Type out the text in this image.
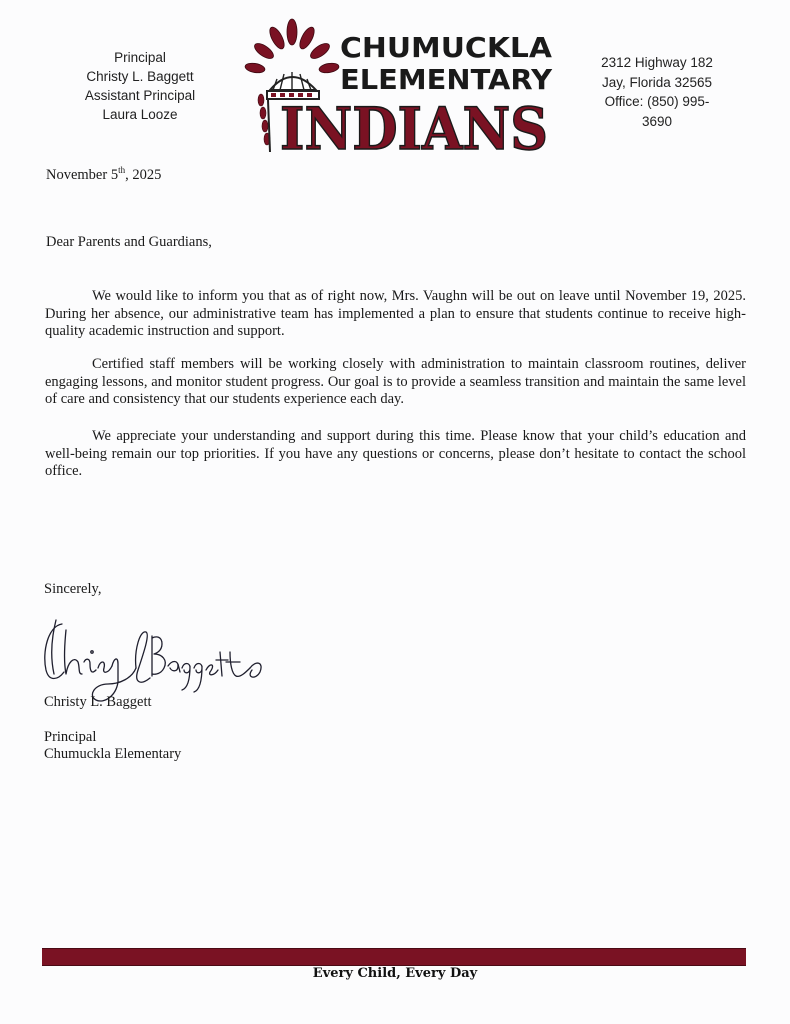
Principal
Christy L. Baggett
Assistant Principal
Laura Looze
CHUMUCKLA
ELEMENTARY
INDIANS
2312 Highway 182
Jay, Florida 32565
Office: (850) 995-
3690
November 5th, 2025
Dear Parents and Guardians,

We would like to inform you that as of right now, Mrs. Vaughn will be out on leave until November 19, 2025. During her absence, our administrative team has implemented a plan to ensure that students continue to receive high-quality academic instruction and support.

Certified staff members will be working closely with administration to maintain classroom routines, deliver engaging lessons, and monitor student progress. Our goal is to provide a seamless transition and maintain the same level of care and consistency that our students experience each day.

We appreciate your understanding and support during this time. Please know that your child’s education and well-being remain our top priorities. If you have any questions or concerns, please don’t hesitate to contact the school office.

Sincerely,
Christy L. Baggett
Principal
Chumuckla Elementary
Every Child, Every Day
